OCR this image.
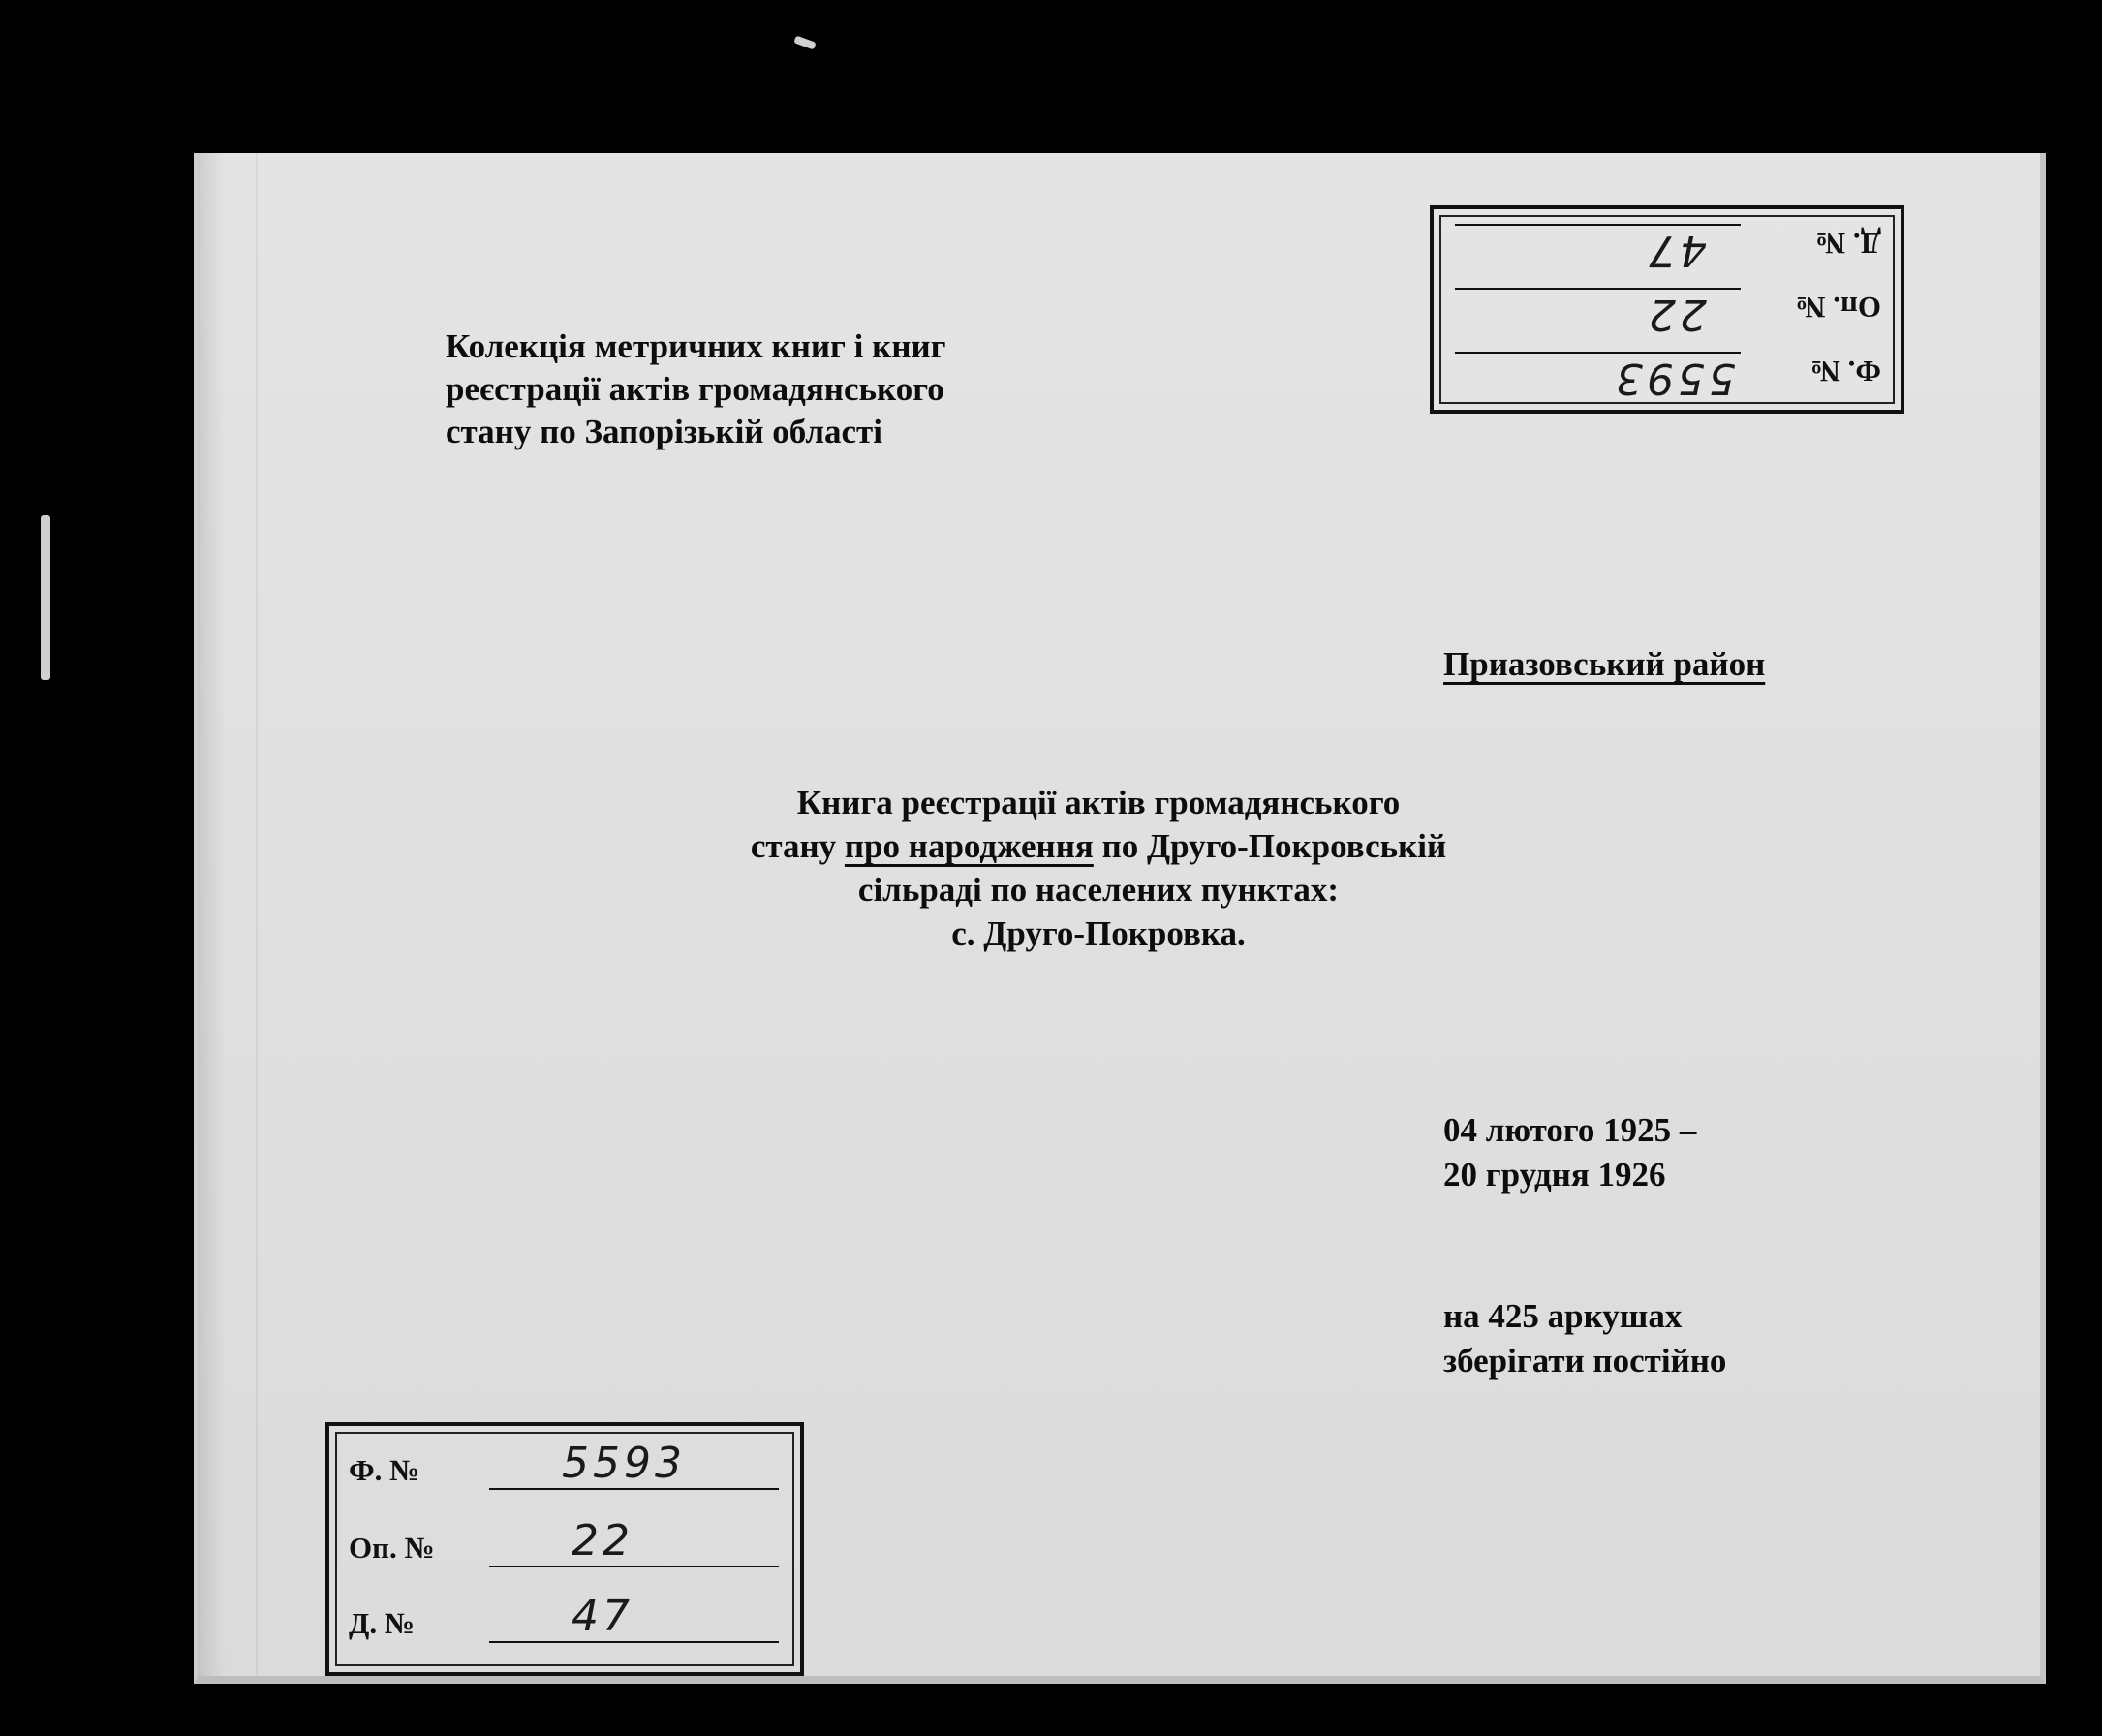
Колекція метричних книг і книг
реєстрації актів громадянського
стану по Запорізькій області
Приазовський район
Книга реєстрації актів громадянського
стану про народження по Друго-Покровській
сільраді по населених пунктах:
с. Друго-Покровка.
04 лютого 1925 –
20 грудня 1926
на 425 аркушах
зберігати постійно
Ф. №
5593
Оп. №
22
Д. №
47
Ф. №	5593
Оп. №	22
Д. №	47
